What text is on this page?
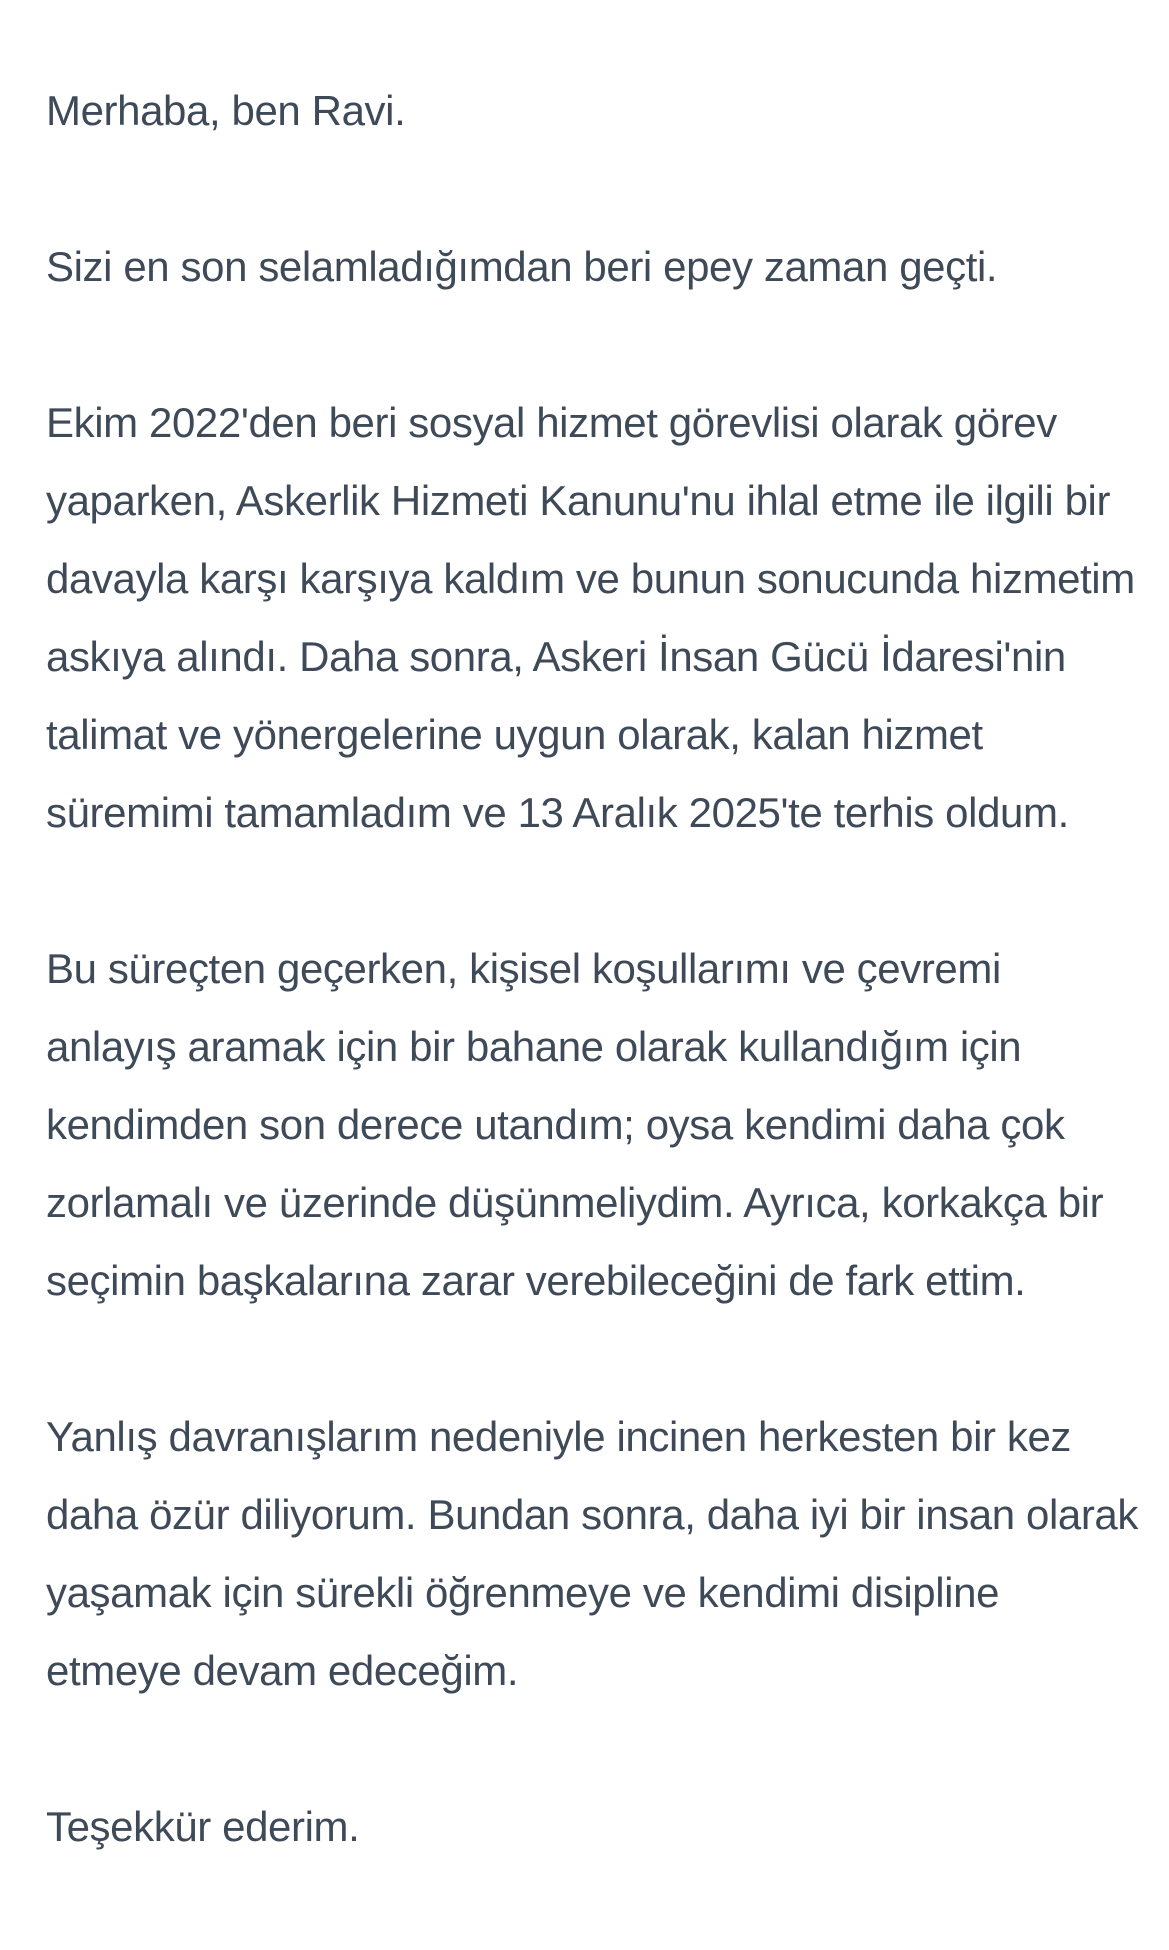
Merhaba, ben Ravi.

Sizi en son selamladığımdan beri epey zaman geçti.

Ekim 2022'den beri sosyal hizmet görevlisi olarak görev yaparken, Askerlik Hizmeti Kanunu'nu ihlal etme ile ilgili bir davayla karşı karşıya kaldım ve bunun sonucunda hizmetim askıya alındı. Daha sonra, Askeri İnsan Gücü İdaresi'nin talimat ve yönergelerine uygun olarak, kalan hizmet süremimi tamamladım ve 13 Aralık 2025'te terhis oldum.

Bu süreçten geçerken, kişisel koşullarımı ve çevremi anlayış aramak için bir bahane olarak kullandığım için kendimden son derece utandım; oysa kendimi daha çok zorlamalı ve üzerinde düşünmeliydim. Ayrıca, korkakça bir seçimin başkalarına zarar verebileceğini de fark ettim.

Yanlış davranışlarım nedeniyle incinen herkesten bir kez daha özür diliyorum. Bundan sonra, daha iyi bir insan olarak yaşamak için sürekli öğrenmeye ve kendimi disipline etmeye devam edeceğim.

Teşekkür ederim.
